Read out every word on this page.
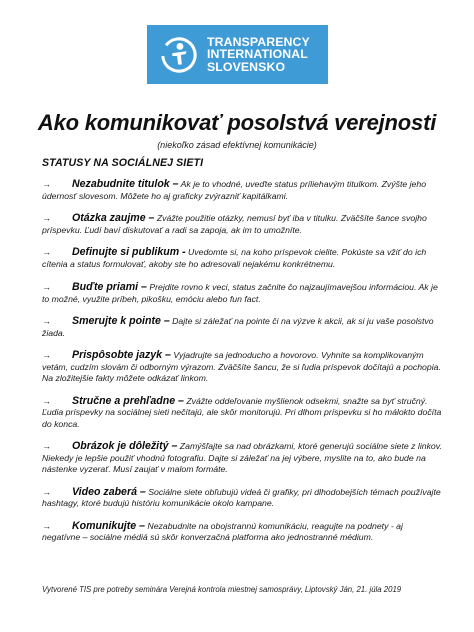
TRANSPARENCY
INTERNATIONAL
SLOVENSKO
Ako komunikovať posolstvá verejnosti
(niekoľko zásad efektívnej komunikácie)
STATUSY NA SOCIÁLNEJ SIETI

→ Nezabudnite titulok – Ak je to vhodné, uveďte status príliehavým titulkom. Zvýšte jeho údernosť slovesom. Môžete ho aj graficky zvýrazniť kapitálkami.

→ Otázka zaujme – Zvážte použitie otázky, nemusí byť iba v titulku. Zväčšíte šance svojho príspevku. Ľudí baví diskutovať a radi sa zapoja, ak im to umožníte.

→ Definujte si publikum - Uvedomte si, na koho príspevok cielite. Pokúste sa vžiť do ich cítenia a status formulovať, akoby ste ho adresovali nejakému konkrétnemu.

→ Buďte priami – Prejdite rovno k veci, status začnite čo najzaujímavejšou informáciou. Ak je to možné, využite príbeh, pikošku, emóciu alebo fun fact.

→ Smerujte k pointe – Dajte si záležať na pointe či na výzve k akcii, ak si ju vaše posolstvo žiada.

→ Prispôsobte jazyk – Vyjadrujte sa jednoducho a hovorovo. Vyhnite sa komplikovaným vetám, cudzím slovám či odborným výrazom. Zväčšíte šancu, že si ľudia príspevok dočítajú a pochopia. Na zložitejšie fakty môžete odkázať linkom.

→ Stručne a prehľadne – Zvážte oddeľovanie myšlienok odsekmi, snažte sa byť stručný. Ľudia príspevky na sociálnej sieti nečítajú, ale skôr monitorujú. Pri dlhom príspevku si ho málokto dočíta do konca.

→ Obrázok je dôležitý – Zamýšľajte sa nad obrázkami, ktoré generujú sociálne siete z linkov. Niekedy je lepšie použiť vhodnú fotografiu. Dajte si záležať na jej výbere, myslite na to, ako bude na nástenke vyzerať. Musí zaujať v malom formáte.

→ Video zaberá – Sociálne siete obľubujú videá či grafiky, pri dlhodobejších témach používajte hashtagy, ktoré budujú históriu komunikácie okolo kampane.

→ Komunikujte – Nezabudnite na obojstrannú komunikáciu, reagujte na podnety - aj negatívne – sociálne médiá sú skôr konverzačná platforma ako jednostranné médium.

Vytvorené TIS pre potreby seminára Verejná kontrola miestnej samosprávy, Liptovský Ján, 21. júla 2019
